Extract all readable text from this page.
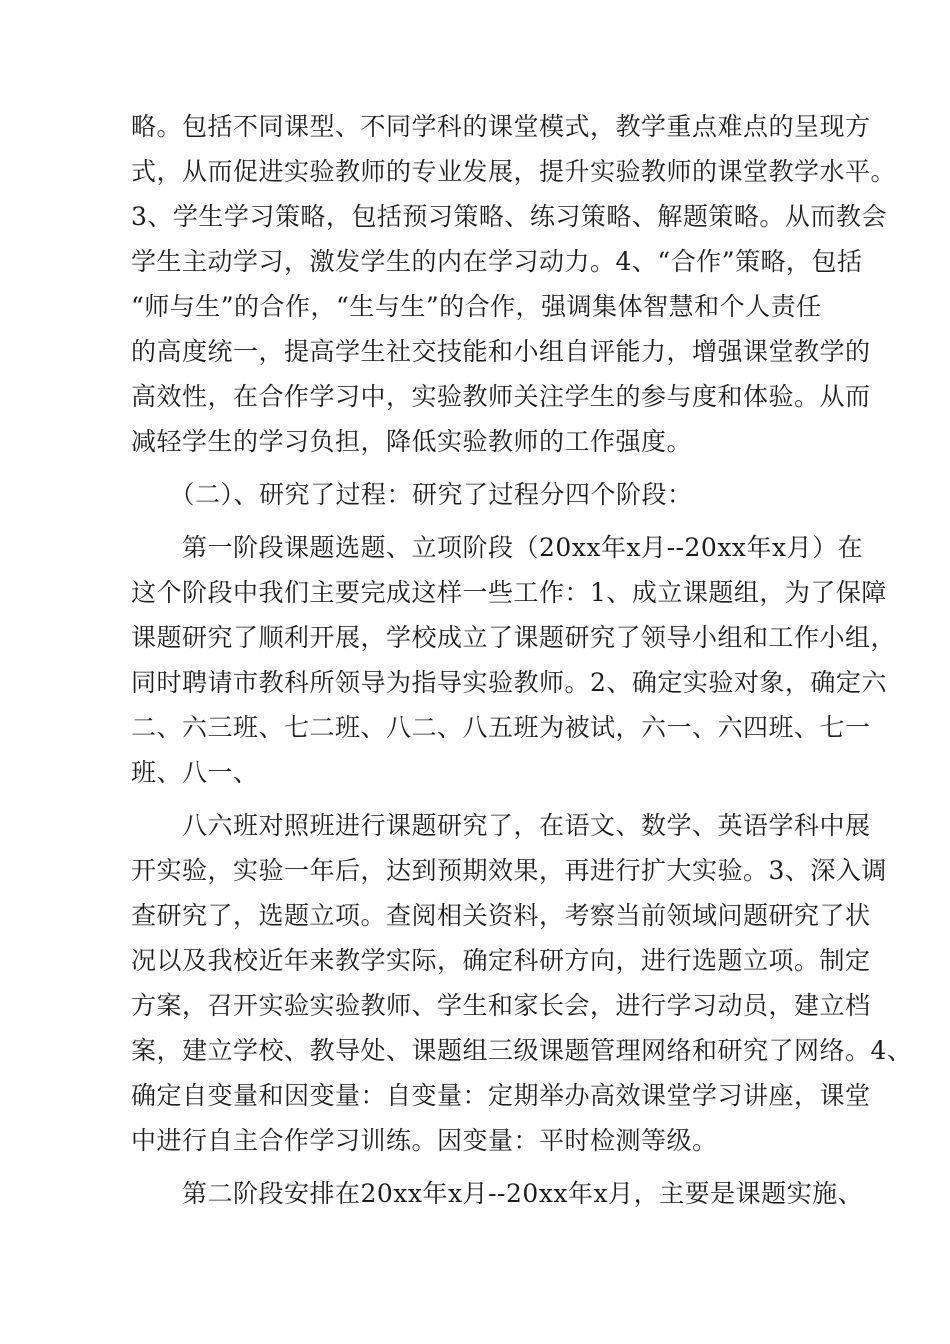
略。包括不同课型、不同学科的课堂模式，教学重点难点的呈现方
式，从而促进实验教师的专业发展，提升实验教师的课堂教学水平。
3、学生学习策略，包括预习策略、练习策略、解题策略。从而教会
学生主动学习，激发学生的内在学习动力。4、“合作”策略，包括
“师与生”的合作，“生与生”的合作，强调集体智慧和个人责任
的高度统一，提高学生社交技能和小组自评能力，增强课堂教学的
高效性，在合作学习中，实验教师关注学生的参与度和体验。从而
减轻学生的学习负担，降低实验教师的工作强度。
　　（二）、研究了过程：研究了过程分四个阶段：
　　第一阶段课题选题、立项阶段（20xx年x月--20xx年x月）在
这个阶段中我们主要完成这样一些工作：1、成立课题组，为了保障
课题研究了顺利开展，学校成立了课题研究了领导小组和工作小组，
同时聘请市教科所领导为指导实验教师。2、确定实验对象，确定六
二、六三班、七二班、八二、八五班为被试，六一、六四班、七一
班、八一、
　　八六班对照班进行课题研究了，在语文、数学、英语学科中展
开实验，实验一年后，达到预期效果，再进行扩大实验。3、深入调
查研究了，选题立项。查阅相关资料，考察当前领域问题研究了状
况以及我校近年来教学实际，确定科研方向，进行选题立项。制定
方案，召开实验实验教师、学生和家长会，进行学习动员，建立档
案，建立学校、教导处、课题组三级课题管理网络和研究了网络。4、
确定自变量和因变量：自变量：定期举办高效课堂学习讲座，课堂
中进行自主合作学习训练。因变量：平时检测等级。
　　第二阶段安排在20xx年x月--20xx年x月，主要是课题实施、
